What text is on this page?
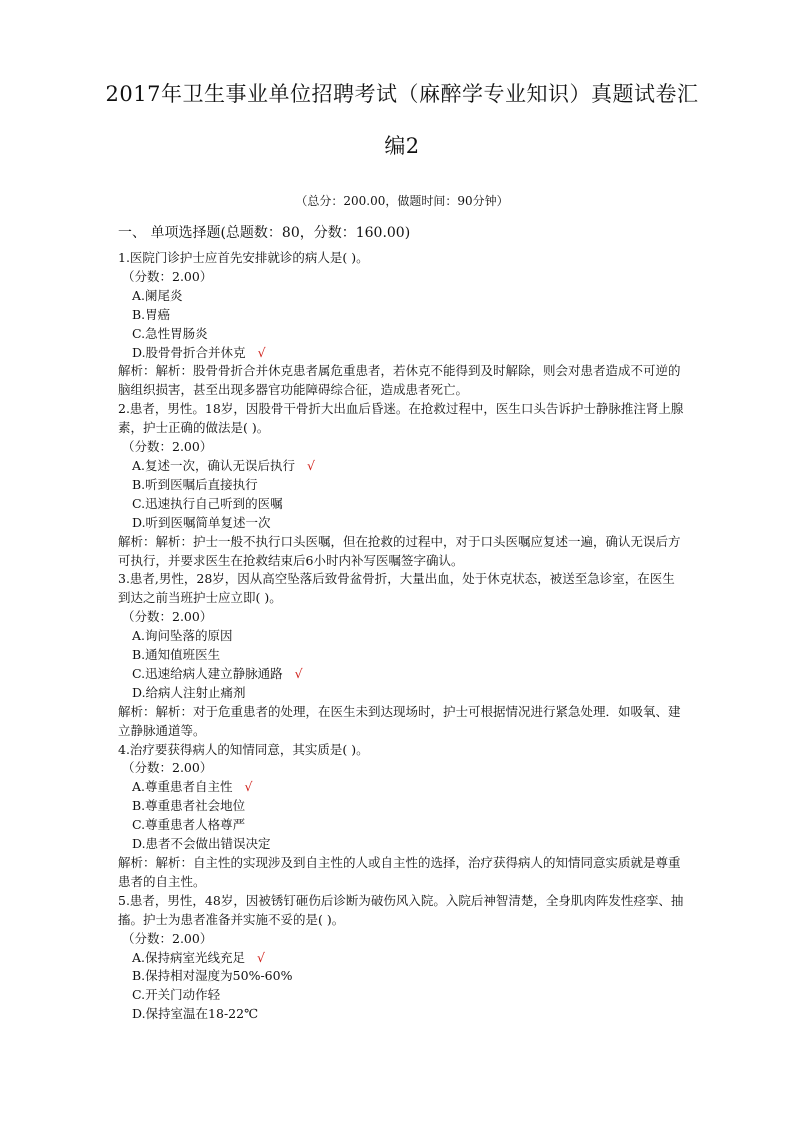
2017年卫生事业单位招聘考试（麻醉学专业知识）真题试卷汇
编2
（总分：200.00，做题时间：90分钟）
一、 单项选择题(总题数：80，分数：160.00)
1.医院门诊护士应首先安排就诊的病人是( )。
（分数：2.00）
A.阑尾炎
B.胃癌
C.急性胃肠炎
D.股骨骨折合并休克 √
解析：解析：股骨骨折合并休克患者属危重患者，若休克不能得到及时解除，则会对患者造成不可逆的脑组织损害，甚至出现多器官功能障碍综合征，造成患者死亡。
2.患者，男性。18岁，因股骨干骨折大出血后昏迷。在抢救过程中，医生口头告诉护士静脉推注肾上腺素，护士正确的做法是( )。
（分数：2.00）
A.复述一次，确认无误后执行 √
B.听到医嘱后直接执行
C.迅速执行自己听到的医嘱
D.听到医嘱简单复述一次
解析：解析：护士一般不执行口头医嘱，但在抢救的过程中，对于口头医嘱应复述一遍，确认无误后方可执行，并要求医生在抢救结束后6小时内补写医嘱签字确认。
3.患者,男性，28岁，因从高空坠落后致骨盆骨折，大量出血，处于休克状态，被送至急诊室，在医生到达之前当班护士应立即( )。
（分数：2.00）
A.询问坠落的原因
B.通知值班医生
C.迅速给病人建立静脉通路 √
D.给病人注射止痛剂
解析：解析：对于危重患者的处理，在医生未到达现场时，护士可根据情况进行紧急处理．如吸氧、建立静脉通道等。
4.治疗要获得病人的知情同意，其实质是( )。
（分数：2.00）
A.尊重患者自主性 √
B.尊重患者社会地位
C.尊重患者人格尊严
D.患者不会做出错误决定
解析：解析：自主性的实现涉及到自主性的人或自主性的选择，治疗获得病人的知情同意实质就是尊重患者的自主性。
5.患者，男性，48岁，因被锈钉砸伤后诊断为破伤风入院。入院后神智清楚，全身肌肉阵发性痉挛、抽搐。护士为患者准备并实施不妥的是( )。
（分数：2.00）
A.保持病室光线充足 √
B.保持相对湿度为50%-60%
C.开关门动作轻
D.保持室温在18-22℃
